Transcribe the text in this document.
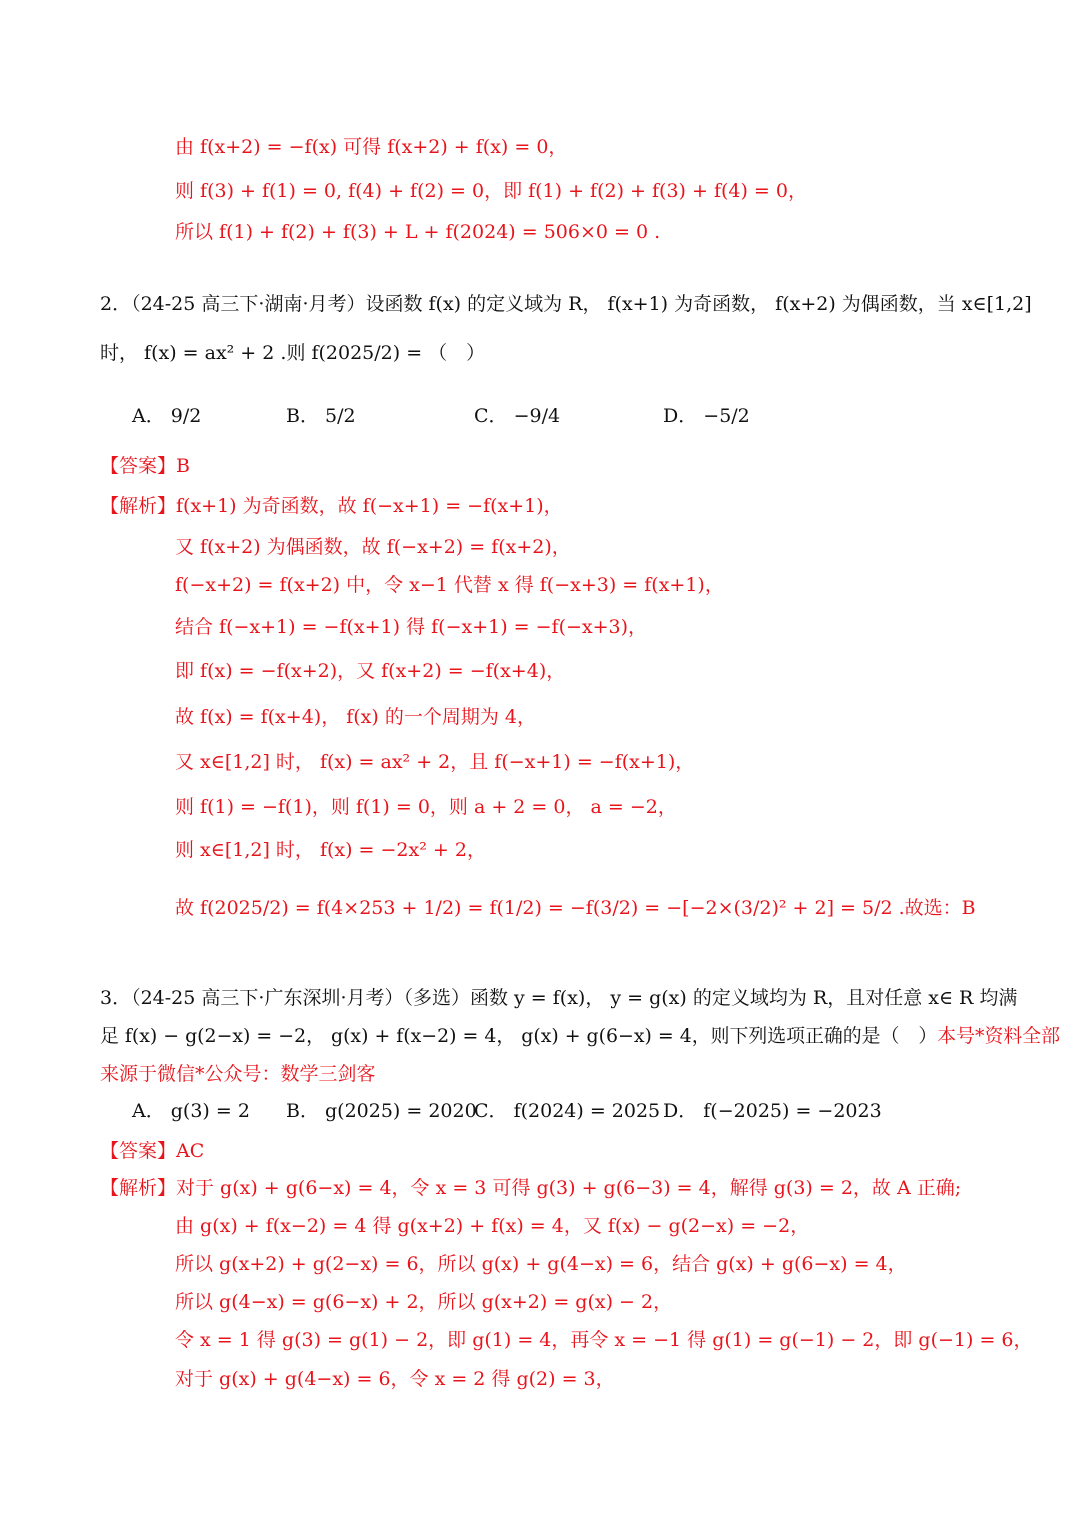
由 f(x+2) = −f(x) 可得 f(x+2) + f(x) = 0，
则 f(3) + f(1) = 0, f(4) + f(2) = 0，即 f(1) + f(2) + f(3) + f(4) = 0，
所以 f(1) + f(2) + f(3) + L + f(2024) = 506×0 = 0 .
2．（24-25 高三下·湖南·月考）设函数 f(x) 的定义域为 R， f(x+1) 为奇函数， f(x+2) 为偶函数，当 x∈[1,2]
时， f(x) = ax² + 2 .则 f(2025/2) = （　）
A． 9/2	B． 5/2	C． −9/4	D． −5/2
【答案】B
【解析】f(x+1) 为奇函数，故 f(−x+1) = −f(x+1)，
又 f(x+2) 为偶函数，故 f(−x+2) = f(x+2)，
f(−x+2) = f(x+2) 中，令 x−1 代替 x 得 f(−x+3) = f(x+1)，
结合 f(−x+1) = −f(x+1) 得 f(−x+1) = −f(−x+3)，
即 f(x) = −f(x+2)，又 f(x+2) = −f(x+4)，
故 f(x) = f(x+4)， f(x) 的一个周期为 4，
又 x∈[1,2] 时， f(x) = ax² + 2，且 f(−x+1) = −f(x+1)，
则 f(1) = −f(1)，则 f(1) = 0，则 a + 2 = 0， a = −2，
则 x∈[1,2] 时， f(x) = −2x² + 2，
故 f(2025/2) = f(4×253 + 1/2) = f(1/2) = −f(3/2) = −[−2×(3/2)² + 2] = 5/2 .故选：B
3．（24-25 高三下·广东深圳·月考）（多选）函数 y = f(x)， y = g(x) 的定义域均为 R，且对任意 x∈ R 均满
足 f(x) − g(2−x) = −2， g(x) + f(x−2) = 4， g(x) + g(6−x) = 4，则下列选项正确的是（　）本号*资料全部
来源于微信*公众号：数学三剑客
A． g(3) = 2 B． g(2025) = 2020
C． f(2024) = 2025 D． f(−2025) = −2023
【答案】AC
【解析】对于 g(x) + g(6−x) = 4，令 x = 3 可得 g(3) + g(6−3) = 4，解得 g(3) = 2，故 A 正确;
由 g(x) + f(x−2) = 4 得 g(x+2) + f(x) = 4，又 f(x) − g(2−x) = −2，
所以 g(x+2) + g(2−x) = 6，所以 g(x) + g(4−x) = 6，结合 g(x) + g(6−x) = 4，
所以 g(4−x) = g(6−x) + 2，所以 g(x+2) = g(x) − 2，
令 x = 1 得 g(3) = g(1) − 2，即 g(1) = 4，再令 x = −1 得 g(1) = g(−1) − 2，即 g(−1) = 6，
对于 g(x) + g(4−x) = 6，令 x = 2 得 g(2) = 3，
